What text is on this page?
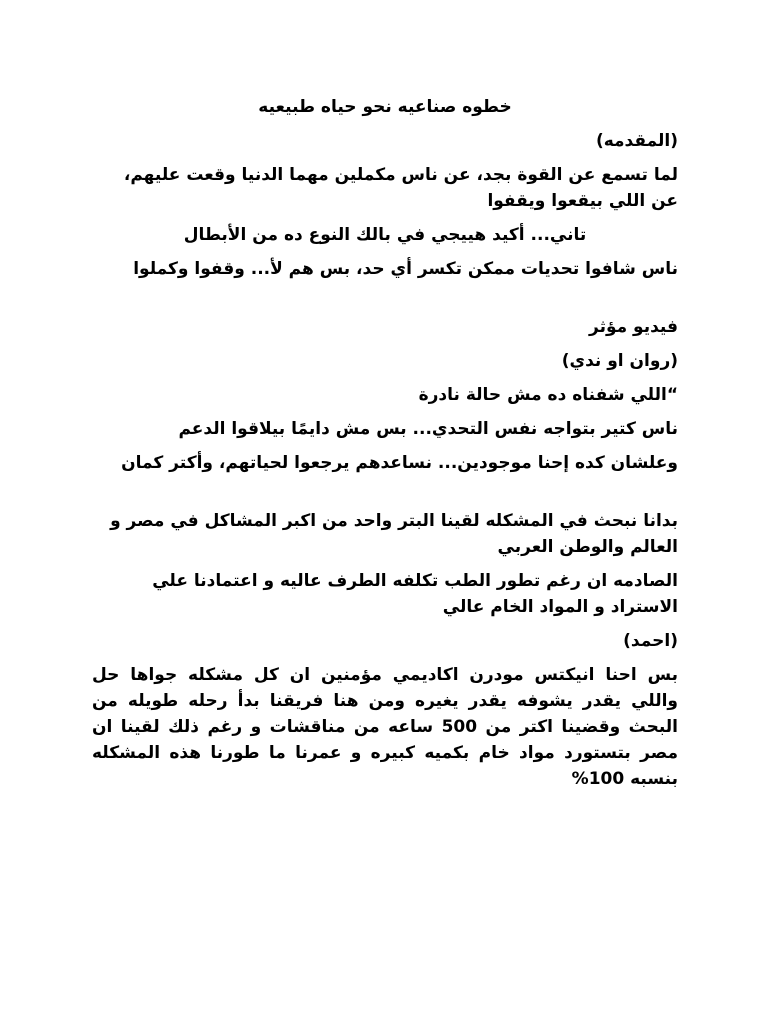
خطوه صناعيه نحو حياه طبيعيه
(المقدمه)
لما تسمع عن القوة بجد، عن ناس مكملين مهما الدنيا وقعت عليهم، عن اللي بيقعوا ويقفوا
تاني... أكيد هييجي في بالك النوع ده من الأبطال
ناس شافوا تحديات ممكن تكسر أي حد، بس هم لأ... وقفوا وكملوا
فيديو مؤثر
(روان او ندي)
“اللي شفناه ده مش حالة نادرة
ناس كتير بتواجه نفس التحدي... بس مش دايمًا بيلاقوا الدعم
وعلشان كده إحنا موجودين... نساعدهم يرجعوا لحياتهم، وأكتر كمان
بدانا نبحث في المشكله لقينا البتر واحد من اكبر المشاكل في مصر و العالم والوطن العربي
الصادمه ان رغم تطور الطب تكلفه الطرف عاليه و اعتمادنا علي الاستراد و المواد الخام عالي
(احمد)
بس احنا انيكتس مودرن اكاديمي مؤمنين ان كل مشكله جواها حل واللي يقدر يشوفه يقدر يغيره ومن هنا فريقنا بدأ رحله طويله من البحث وقضينا اكتر من 500 ساعه من مناقشات و رغم ذلك لقينا ان مصر بتستورد مواد خام بكميه كبيره و عمرنا ما طورنا هذه المشكله بنسبه 100%
